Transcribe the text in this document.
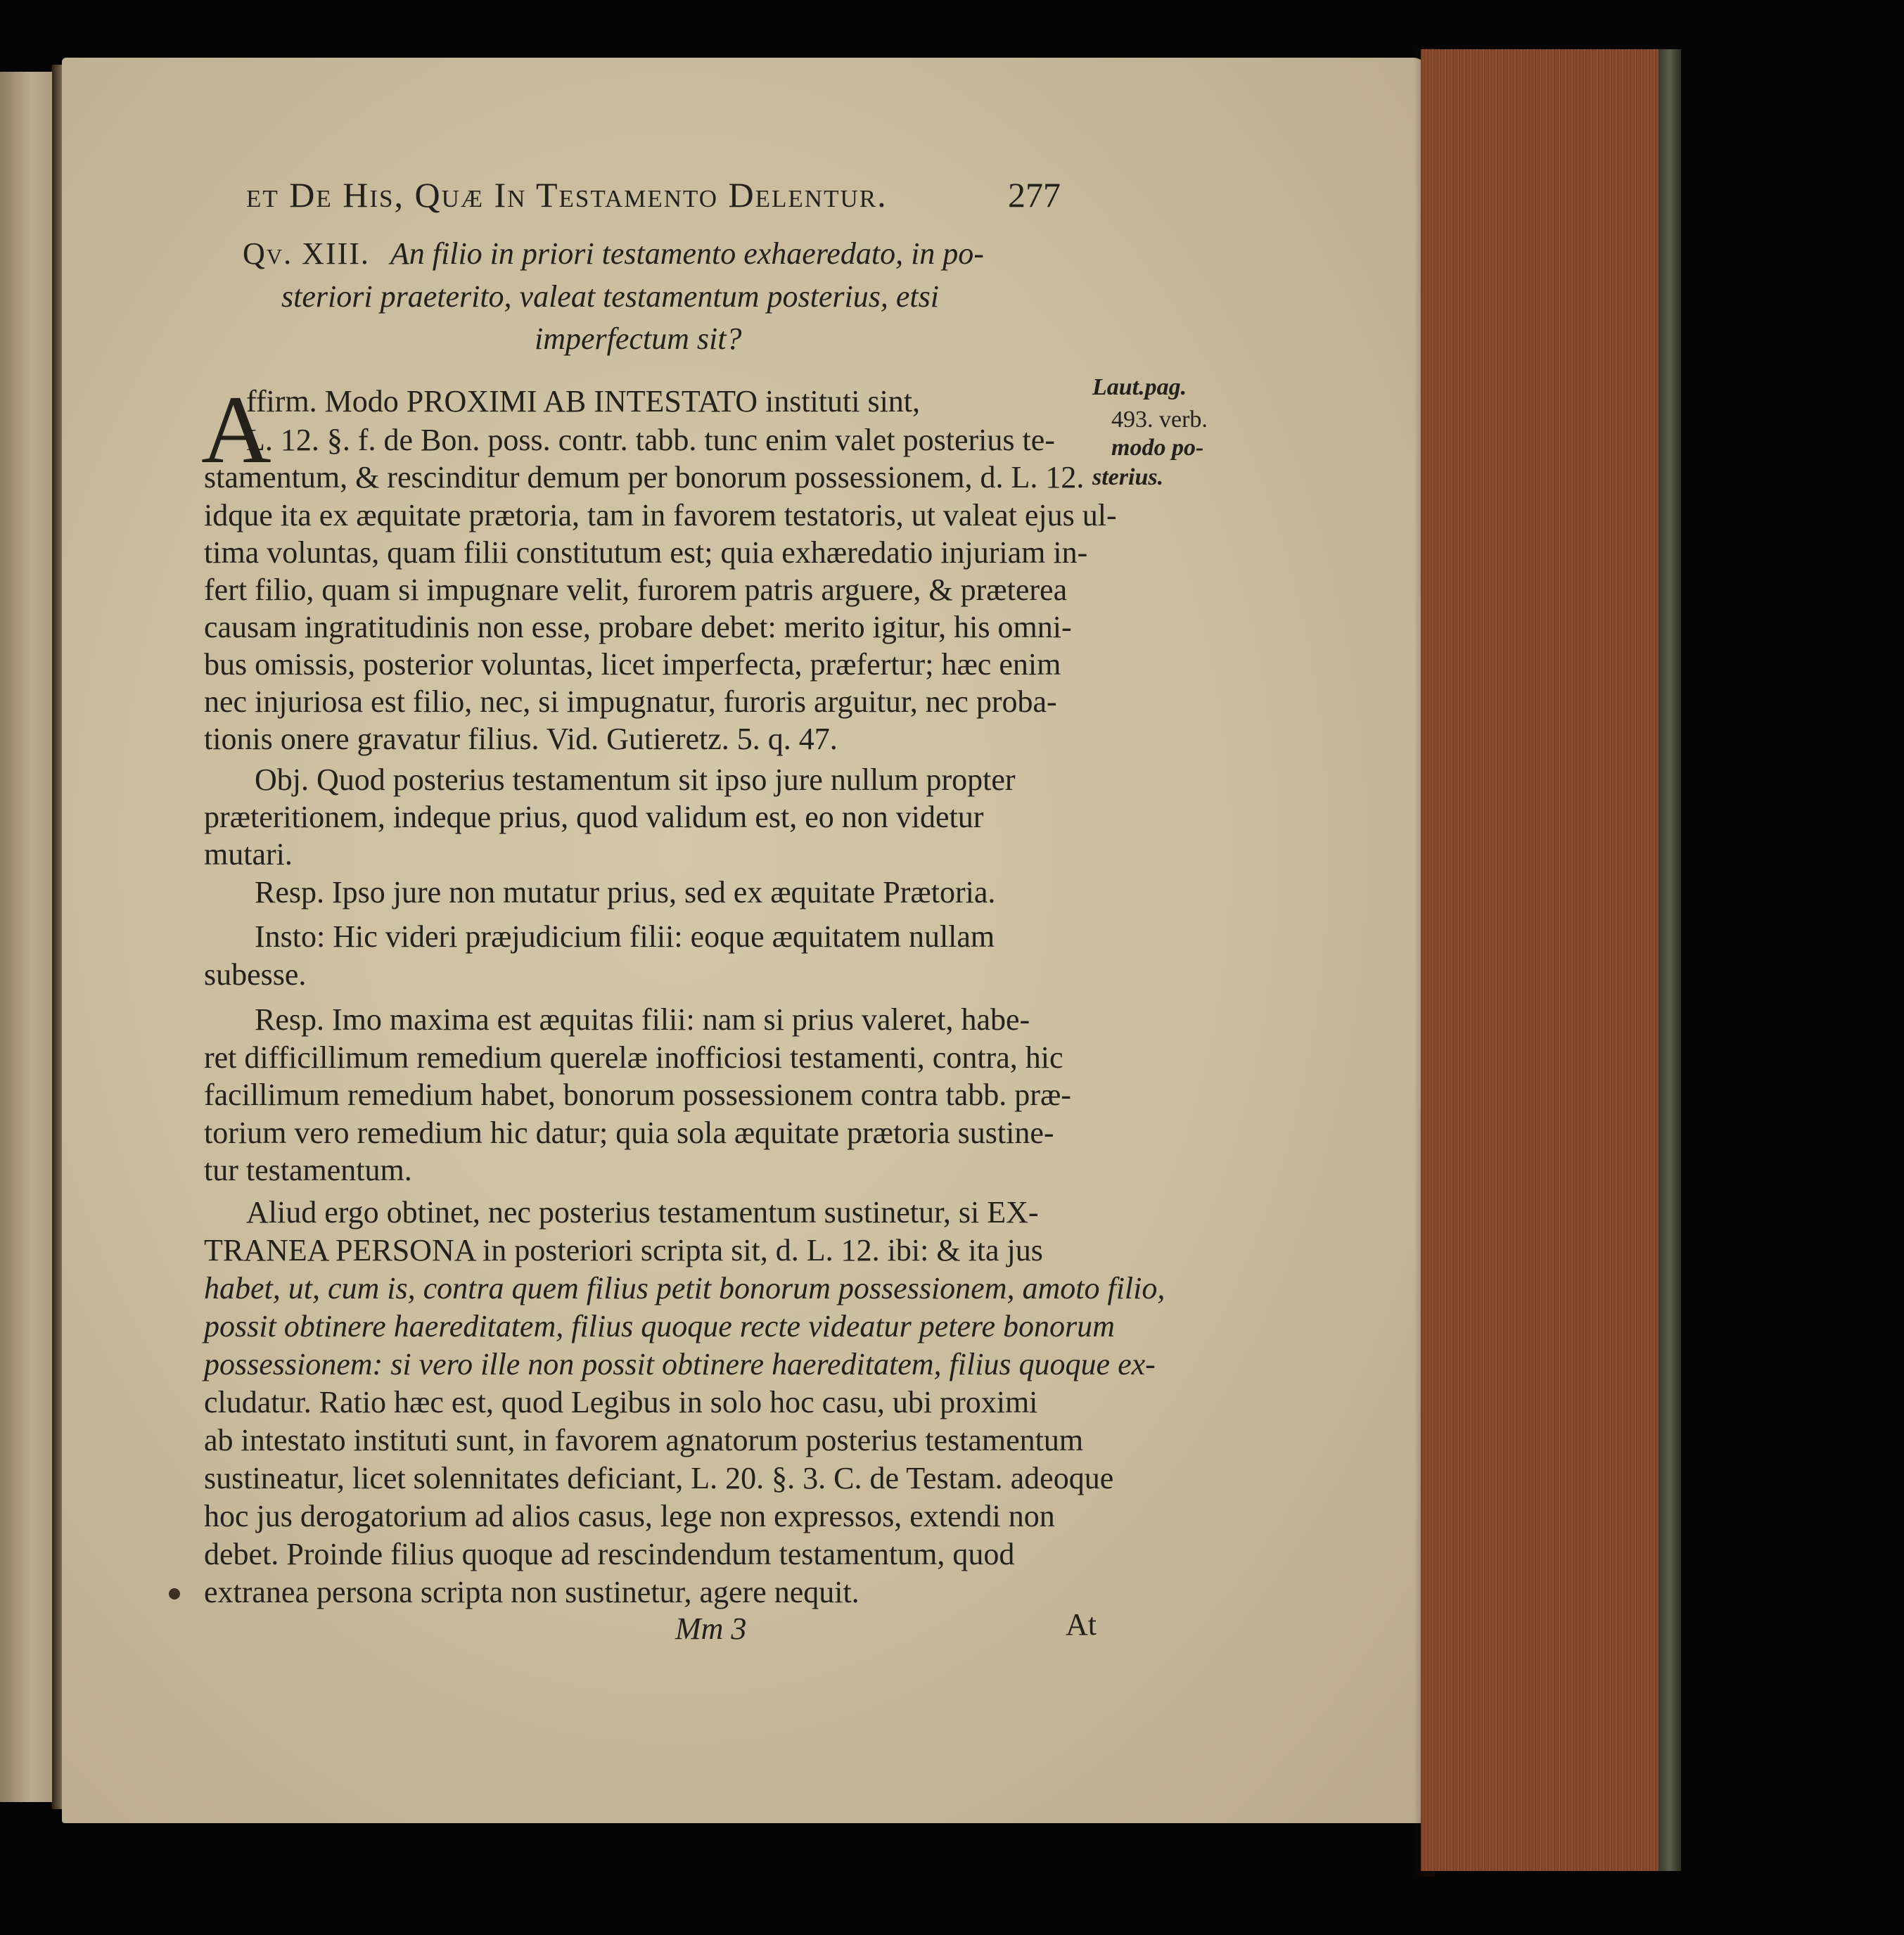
et De His, Quæ In Testamento Delentur.	277
Qv. XIII. An filio in priori testamento exhaeredato, in po-
steriori praeterito, valeat testamentum posterius, etsi
imperfectum sit?
Laut.pag.
493. verb.
modo po-
sterius.
A
ffirm. Modo PROXIMI AB INTESTATO instituti sint,
L. 12. §. f. de Bon. poss. contr. tabb. tunc enim valet posterius te-
stamentum, & rescinditur demum per bonorum possessionem, d. L. 12.
idque ita ex æquitate prætoria, tam in favorem testatoris, ut valeat ejus ul-
tima voluntas, quam filii constitutum est; quia exhæredatio injuriam in-
fert filio, quam si impugnare velit, furorem patris arguere, & præterea
causam ingratitudinis non esse, probare debet: merito igitur, his omni-
bus omissis, posterior voluntas, licet imperfecta, præfertur; hæc enim
nec injuriosa est filio, nec, si impugnatur, furoris arguitur, nec proba-
tionis onere gravatur filius. Vid. Gutieretz. 5. q. 47.
Obj. Quod posterius testamentum sit ipso jure nullum propter
præteritionem, indeque prius, quod validum est, eo non videtur
mutari.
Resp. Ipso jure non mutatur prius, sed ex æquitate Prætoria.
Insto: Hic videri præjudicium filii: eoque æquitatem nullam
subesse.
Resp. Imo maxima est æquitas filii: nam si prius valeret, habe-
ret difficillimum remedium querelæ inofficiosi testamenti, contra, hic
facillimum remedium habet, bonorum possessionem contra tabb. præ-
torium vero remedium hic datur; quia sola æquitate prætoria sustine-
tur testamentum.
Aliud ergo obtinet, nec posterius testamentum sustinetur, si EX-
TRANEA PERSONA in posteriori scripta sit, d. L. 12. ibi: & ita jus
habet, ut, cum is, contra quem filius petit bonorum possessionem, amoto filio,
possit obtinere haereditatem, filius quoque recte videatur petere bonorum
possessionem: si vero ille non possit obtinere haereditatem, filius quoque ex-
cludatur. Ratio hæc est, quod Legibus in solo hoc casu, ubi proximi
ab intestato instituti sunt, in favorem agnatorum posterius testamentum
sustineatur, licet solennitates deficiant, L. 20. §. 3. C. de Testam. adeoque
hoc jus derogatorium ad alios casus, lege non expressos, extendi non
debet. Proinde filius quoque ad rescindendum testamentum, quod
extranea persona scripta non sustinetur, agere nequit.
Mm 3	At
